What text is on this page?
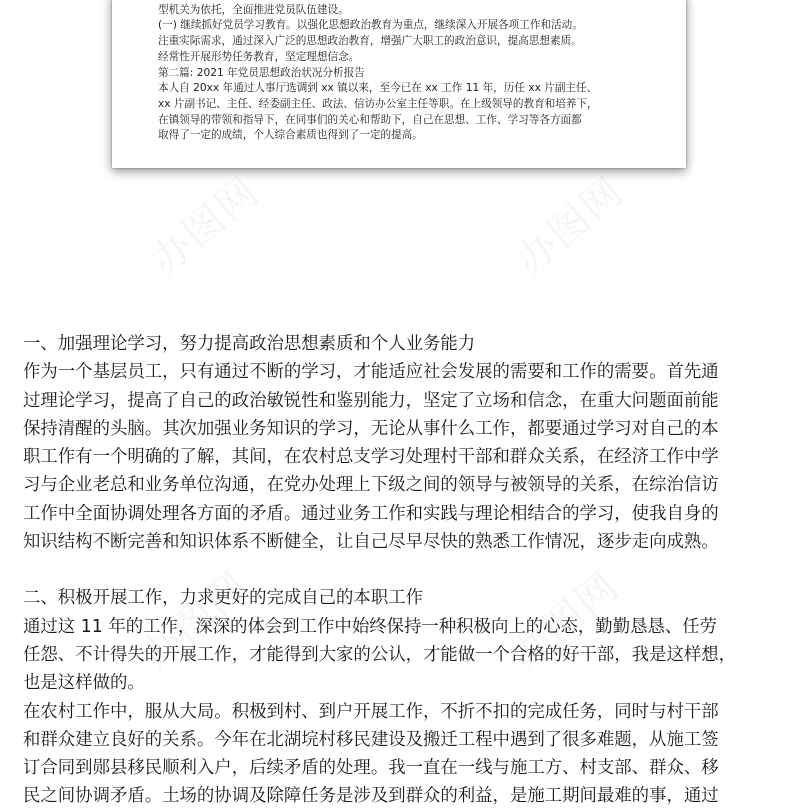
型机关为依托，全面推进党员队伍建设。

(一) 继续抓好党员学习教育。以强化思想政治教育为重点，继续深入开展各项工作和活动。

注重实际需求，通过深入广泛的思想政治教育，增强广大职工的政治意识，提高思想素质。

经常性开展形势任务教育，坚定理想信念。

第二篇: 2021 年党员思想政治状况分析报告

本人自 20xx 年通过人事厅选调到 xx 镇以来，至今已在 xx 工作 11 年，历任 xx 片副主任、

xx 片副书记、主任、经委副主任、政法、信访办公室主任等职。在上级领导的教育和培养下，

在镇领导的带领和指导下，在同事们的关心和帮助下，自己在思想、工作、学习等各方面都

取得了一定的成绩，个人综合素质也得到了一定的提高。

一、加强理论学习，努力提高政治思想素质和个人业务能力

作为一个基层员工，只有通过不断的学习，才能适应社会发展的需要和工作的需要。首先通

过理论学习，提高了自己的政治敏锐性和鉴别能力，坚定了立场和信念，在重大问题面前能

保持清醒的头脑。其次加强业务知识的学习，无论从事什么工作，都要通过学习对自己的本

职工作有一个明确的了解，其间，在农村总支学习处理村干部和群众关系，在经济工作中学

习与企业老总和业务单位沟通，在党办处理上下级之间的领导与被领导的关系，在综治信访

工作中全面协调处理各方面的矛盾。通过业务工作和实践与理论相结合的学习，使我自身的

知识结构不断完善和知识体系不断健全，让自己尽早尽快的熟悉工作情况，逐步走向成熟。

二、积极开展工作，力求更好的完成自己的本职工作

通过这 11 年的工作，深深的体会到工作中始终保持一种积极向上的心态，勤勤恳恳、任劳

任怨、不计得失的开展工作，才能得到大家的公认，才能做一个合格的好干部，我是这样想，

也是这样做的。

在农村工作中，服从大局。积极到村、到户开展工作，不折不扣的完成任务，同时与村干部

和群众建立良好的关系。今年在北湖垸村移民建设及搬迁工程中遇到了很多难题，从施工签

订合同到郧县移民顺利入户，后续矛盾的处理。我一直在一线与施工方、村支部、群众、移

民之间协调矛盾。土场的协调及除障任务是涉及到群众的利益，是施工期间最难的事，通过
